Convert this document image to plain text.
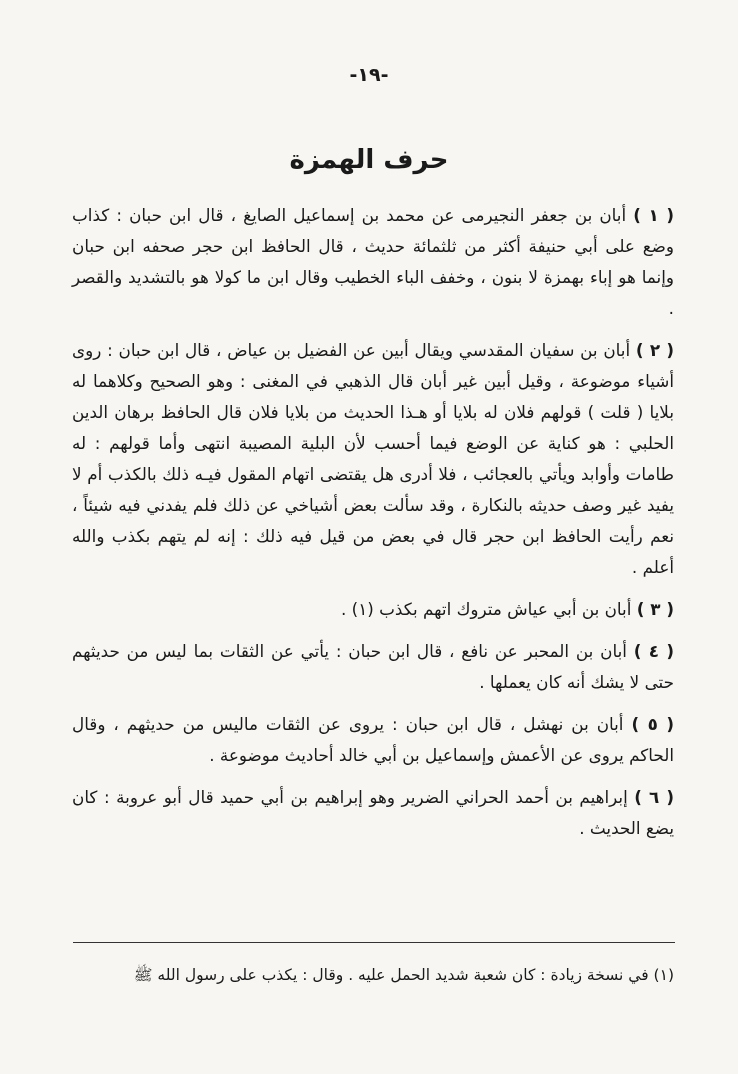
-١٩-
حرف الهمزة

( ١ ) أبان بن جعفر النجيرمى عن محمد بن إسماعيل الصايغ ، قال ابن حبان : كذاب وضع على أبي حنيفة أكثر من ثلثمائة حديث ، قال الحافظ ابن حجر صحفه ابن حبان وإنما هو إباء بهمزة لا بنون ، وخفف الباء الخطيب وقال ابن ما كولا هو بالتشديد والقصر .

( ٢ ) أبان بن سفيان المقدسي ويقال أبين عن الفضيل بن عياض ، قال ابن حبان : روى أشياء موضوعة ، وقيل أبين غير أبان قال الذهبي في المغنى : وهو الصحيح وكلاهما له بلايا ( قلت ) قولهم فلان له بلايا أو هـذا الحديث من بلايا فلان قال الحافظ برهان الدين الحلبي : هو كناية عن الوضع فيما أحسب لأن البلية المصيبة انتهى وأما قولهم : له طامات وأوابد ويأتي بالعجائب ، فلا أدرى هل يقتضى اتهام المقول فيـه ذلك بالكذب أم لا يفيد غير وصف حديثه بالنكارة ، وقد سألت بعض أشياخي عن ذلك فلم يفدني فيه شيئاً ، نعم رأيت الحافظ ابن حجر قال في بعض من قيل فيه ذلك : إنه لم يتهم بكذب والله أعلم .

( ٣ ) أبان بن أبي عياش متروك اتهم بكذب (١) .

( ٤ ) أبان بن المحبر عن نافع ، قال ابن حبان : يأتي عن الثقات بما ليس من حديثهم حتى لا يشك أنه كان يعملها .

( ٥ ) أبان بن نهشل ، قال ابن حبان : يروى عن الثقات ماليس من حديثهم ، وقال الحاكم يروى عن الأعمش وإسماعيل بن أبي خالد أحاديث موضوعة .

( ٦ ) إبراهيم بن أحمد الحراني الضرير وهو إبراهيم بن أبي حميد قال أبو عروبة : كان يضع الحديث .

(١) في نسخة زيادة : كان شعبة شديد الحمل عليه . وقال : يكذب على رسول الله ﷺ
